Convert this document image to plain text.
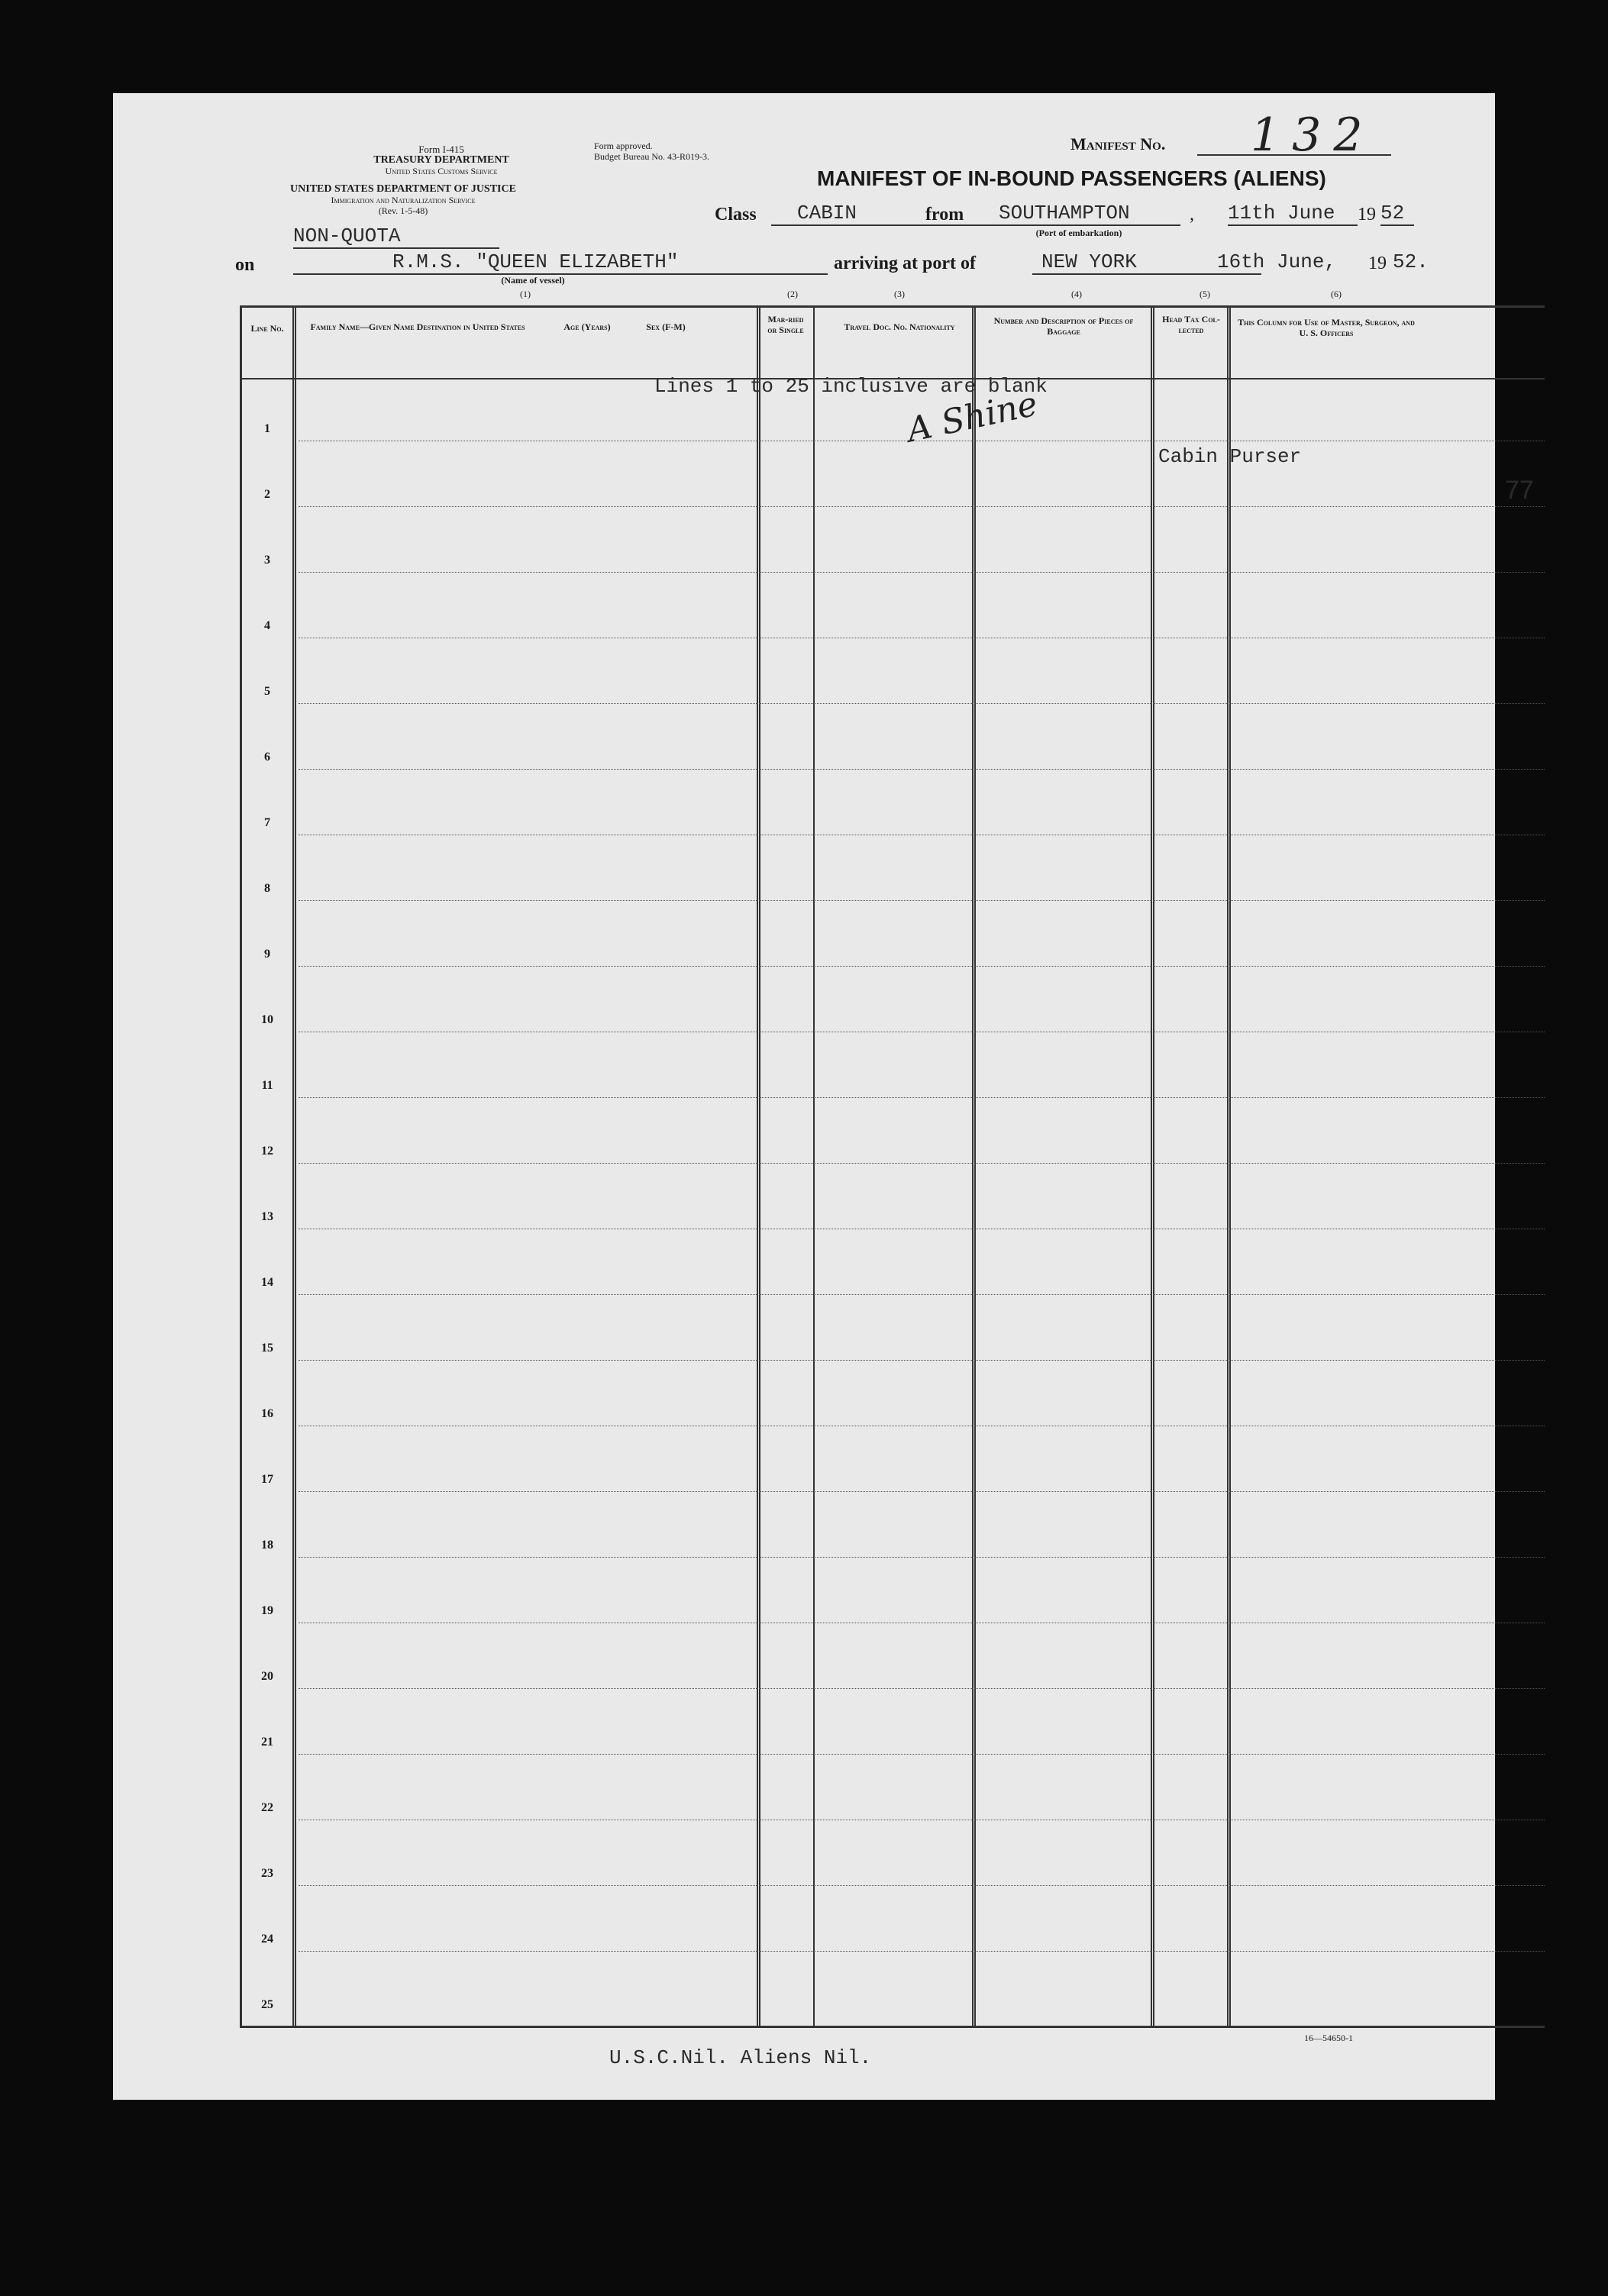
Form I-415
TREASURY DEPARTMENT
United States Customs Service
UNITED STATES DEPARTMENT OF JUSTICE
Immigration and Naturalization Service
(Rev. 1-5-48)
Form approved.
Budget Bureau No. 43-R019-3.
Manifest No. 132
MANIFEST OF IN-BOUND PASSENGERS (ALIENS)
Class	CABIN	from	SOUTHAMPTON
(Port of embarkation)
, 11th June	19 52
NON-QUOTA
on	R.M.S. "QUEEN ELIZABETH"
(Name of vessel)
arriving at port of	NEW YORK	16th June, 19 52.
(1)	(2)	(3)	(4)	(5)	(6)
Line No.	Family Name—Given Name Destination in United States	Age (Years)	Sex (F-M)
Mar-ried or Single	Travel Doc. No. Nationality
Number and Description of Pieces of Baggage
Head Tax Col-lected
This Column for Use of Master, Surgeon, and U. S. Officers
1
2
3
4
5
6
7
8
9
10
11
12
13
14
15
16
17
18
19
20
21
22
23
24
25
Lines 1 to 25 inclusive are blank
A Shine
Cabin Purser
77
U.S.C.Nil. Aliens Nil.
16—54650-1
